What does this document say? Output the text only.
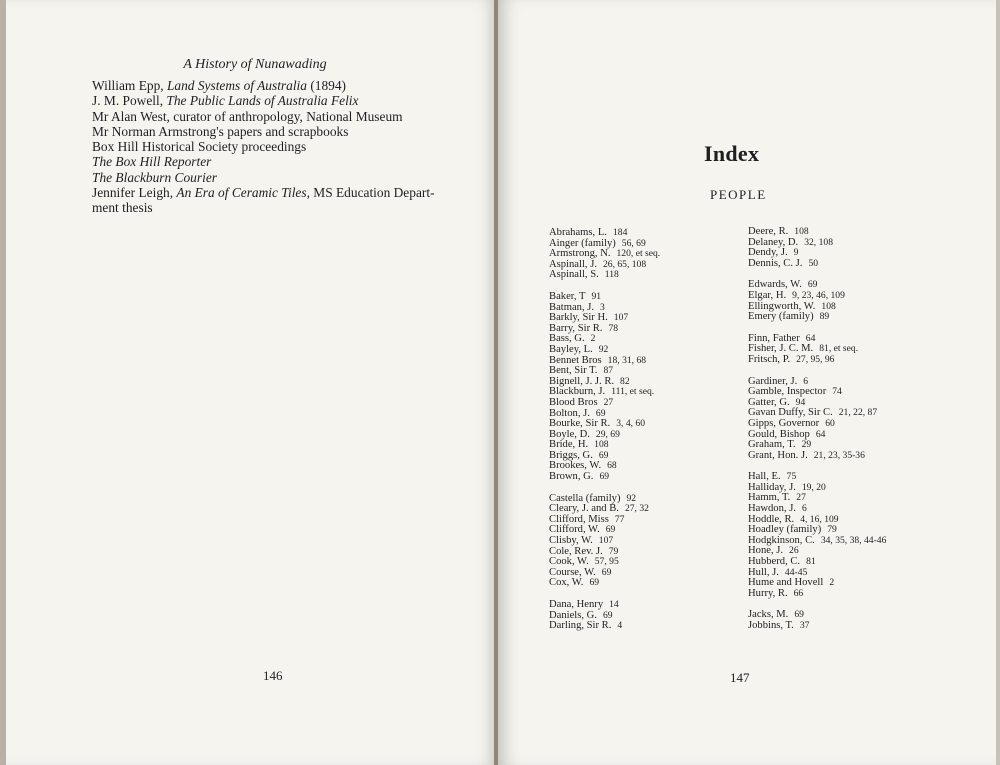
A History of Nunawading

William Epp, Land Systems of Australia (1894)

J. M. Powell, The Public Lands of Australia Felix

Mr Alan West, curator of anthropology, National Museum

Mr Norman Armstrong's papers and scrapbooks

Box Hill Historical Society proceedings

The Box Hill Reporter

The Blackburn Courier

Jennifer Leigh, An Era of Ceramic Tiles, MS Education Depart-

ment thesis

146
Index
PEOPLE
Abrahams, L. 184
Ainger (family) 56, 69
Armstrong, N. 120, et seq.
Aspinall, J. 26, 65, 108
Aspinall, S. 118
Baker, T 91
Batman, J. 3
Barkly, Sir H. 107
Barry, Sir R. 78
Bass, G. 2
Bayley, L. 92
Bennet Bros 18, 31, 68
Bent, Sir T. 87
Bignell, J. J. R. 82
Blackburn, J. 111, et seq.
Blood Bros 27
Bolton, J. 69
Bourke, Sir R. 3, 4, 60
Boyle, D. 29, 69
Bride, H. 108
Briggs, G. 69
Brookes, W. 68
Brown, G. 69
Castella (family) 92
Cleary, J. and B. 27, 32
Clifford, Miss 77
Clifford, W. 69
Clisby, W. 107
Cole, Rev. J. 79
Cook, W. 57, 95
Course, W. 69
Cox, W. 69
Dana, Henry 14
Daniels, G. 69
Darling, Sir R. 4
Deere, R. 108
Delaney, D. 32, 108
Dendy, J. 9
Dennis, C. J. 50
Edwards, W. 69
Elgar, H. 9, 23, 46, 109
Ellingworth, W. 108
Emery (family) 89
Finn, Father 64
Fisher, J. C. M. 81, et seq.
Fritsch, P. 27, 95, 96
Gardiner, J. 6
Gamble, Inspector 74
Gatter, G. 94
Gavan Duffy, Sir C. 21, 22, 87
Gipps, Governor 60
Gould, Bishop 64
Graham, T. 29
Grant, Hon. J. 21, 23, 35-36
Hall, E. 75
Halliday, J. 19, 20
Hamm, T. 27
Hawdon, J. 6
Hoddle, R. 4, 16, 109
Hoadley (family) 79
Hodgkinson, C. 34, 35, 38, 44-46
Hone, J. 26
Hubberd, C. 81
Hull, J. 44-45
Hume and Hovell 2
Hurry, R. 66
Jacks, M. 69
Jobbins, T. 37
147
